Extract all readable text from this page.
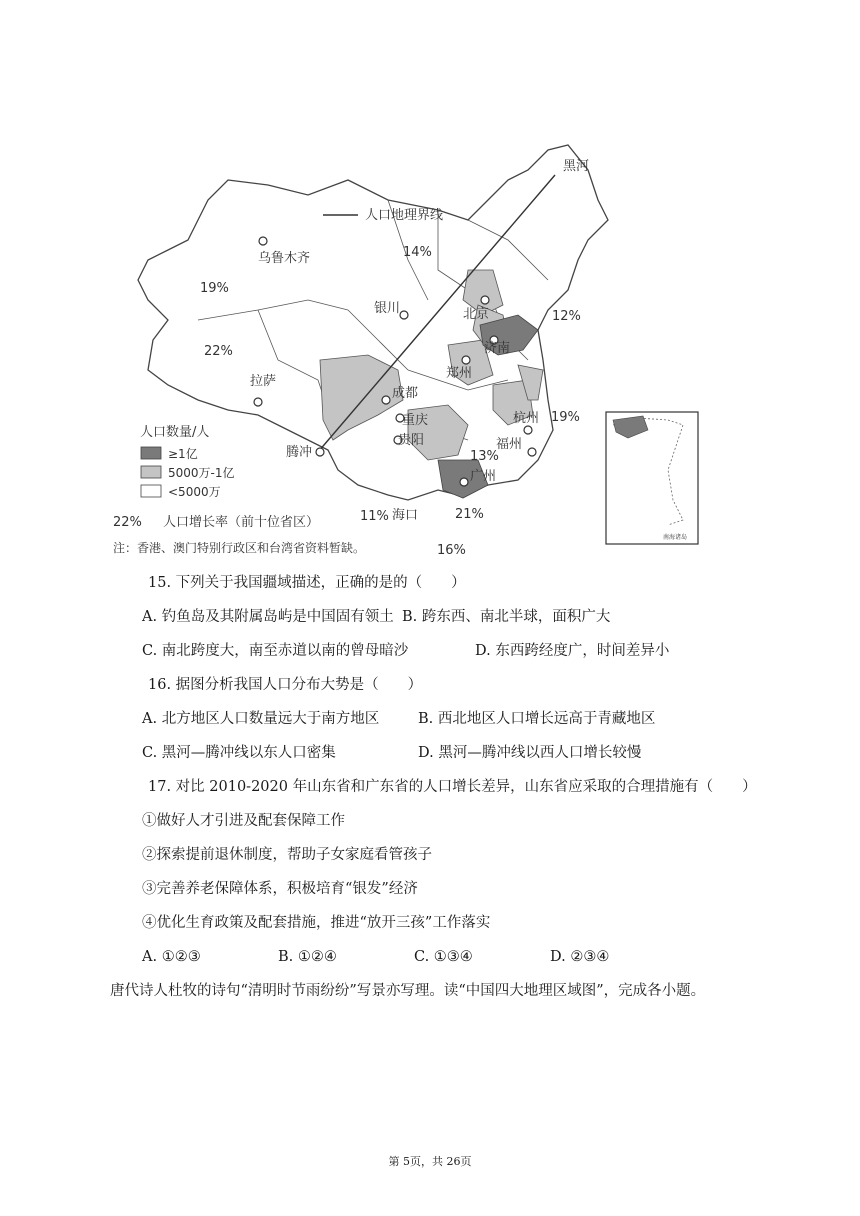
人口地理界线
黑河
乌鲁木齐
银川	北京
济南
郑州
成都
拉萨
重庆
贵阳
杭州
福州
腾冲
广州
海口
14%
19%
22%
12%
19%
13%
11%	21%
16%
人口数量/人
≥1亿
5000万-1亿
<5000万
22% 人口增长率（前十位省区）
注：香港、澳门特别行政区和台湾省资料暂缺。
南海诸岛
15. 下列关于我国疆域描述，正确的是的（　　）
A. 钓鱼岛及其附属岛屿是中国固有领土 B. 跨东西、南北半球，面积广大
C. 南北跨度大，南至赤道以南的曾母暗沙	D. 东西跨经度广，时间差异小
16. 据图分析我国人口分布大势是（　　）
A. 北方地区人口数量远大于南方地区	B. 西北地区人口增长远高于青藏地区
C. 黑河—腾冲线以东人口密集	D. 黑河—腾冲线以西人口增长较慢
17. 对比 2010-2020 年山东省和广东省的人口增长差异，山东省应采取的合理措施有（　　）
①做好人才引进及配套保障工作
②探索提前退休制度，帮助子女家庭看管孩子
③完善养老保障体系，积极培育“银发”经济
④优化生育政策及配套措施，推进“放开三孩”工作落实
A. ①②③	B. ①②④	C. ①③④	D. ②③④
唐代诗人杜牧的诗句“清明时节雨纷纷”写景亦写理。读“中国四大地理区域图”，完成各小题。
第 5页，共 26页
